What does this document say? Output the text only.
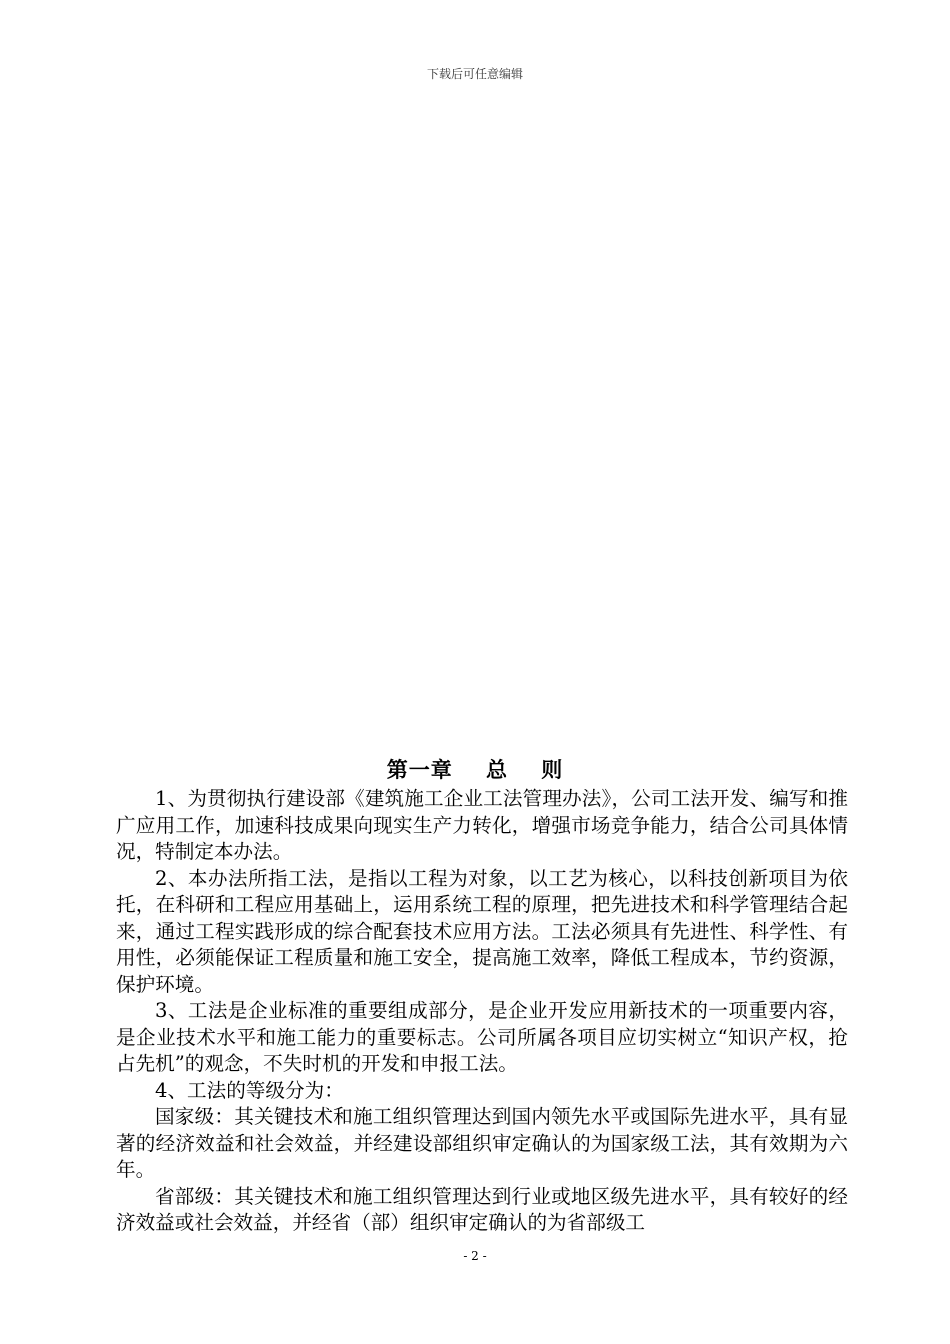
下载后可任意编辑
第一章    总    则

1、为贯彻执行建设部《建筑施工企业工法管理办法》，公司工法开发、编写和推广应用工作，加速科技成果向现实生产力转化，增强市场竞争能力，结合公司具体情况，特制定本办法。

2、本办法所指工法，是指以工程为对象，以工艺为核心，以科技创新项目为依托，在科研和工程应用基础上，运用系统工程的原理，把先进技术和科学管理结合起来，通过工程实践形成的综合配套技术应用方法。工法必须具有先进性、科学性、有用性，必须能保证工程质量和施工安全，提高施工效率，降低工程成本，节约资源，保护环境。

3、工法是企业标准的重要组成部分，是企业开发应用新技术的一项重要内容，是企业技术水平和施工能力的重要标志。公司所属各项目应切实树立“知识产权，抢占先机”的观念，不失时机的开发和申报工法。

4、工法的等级分为：

国家级：其关键技术和施工组织管理达到国内领先水平或国际先进水平，具有显著的经济效益和社会效益，并经建设部组织审定确认的为国家级工法，其有效期为六年。

省部级：其关键技术和施工组织管理达到行业或地区级先进水平，具有较好的经济效益或社会效益，并经省（部）组织审定确认的为省部级工

- 2 -
